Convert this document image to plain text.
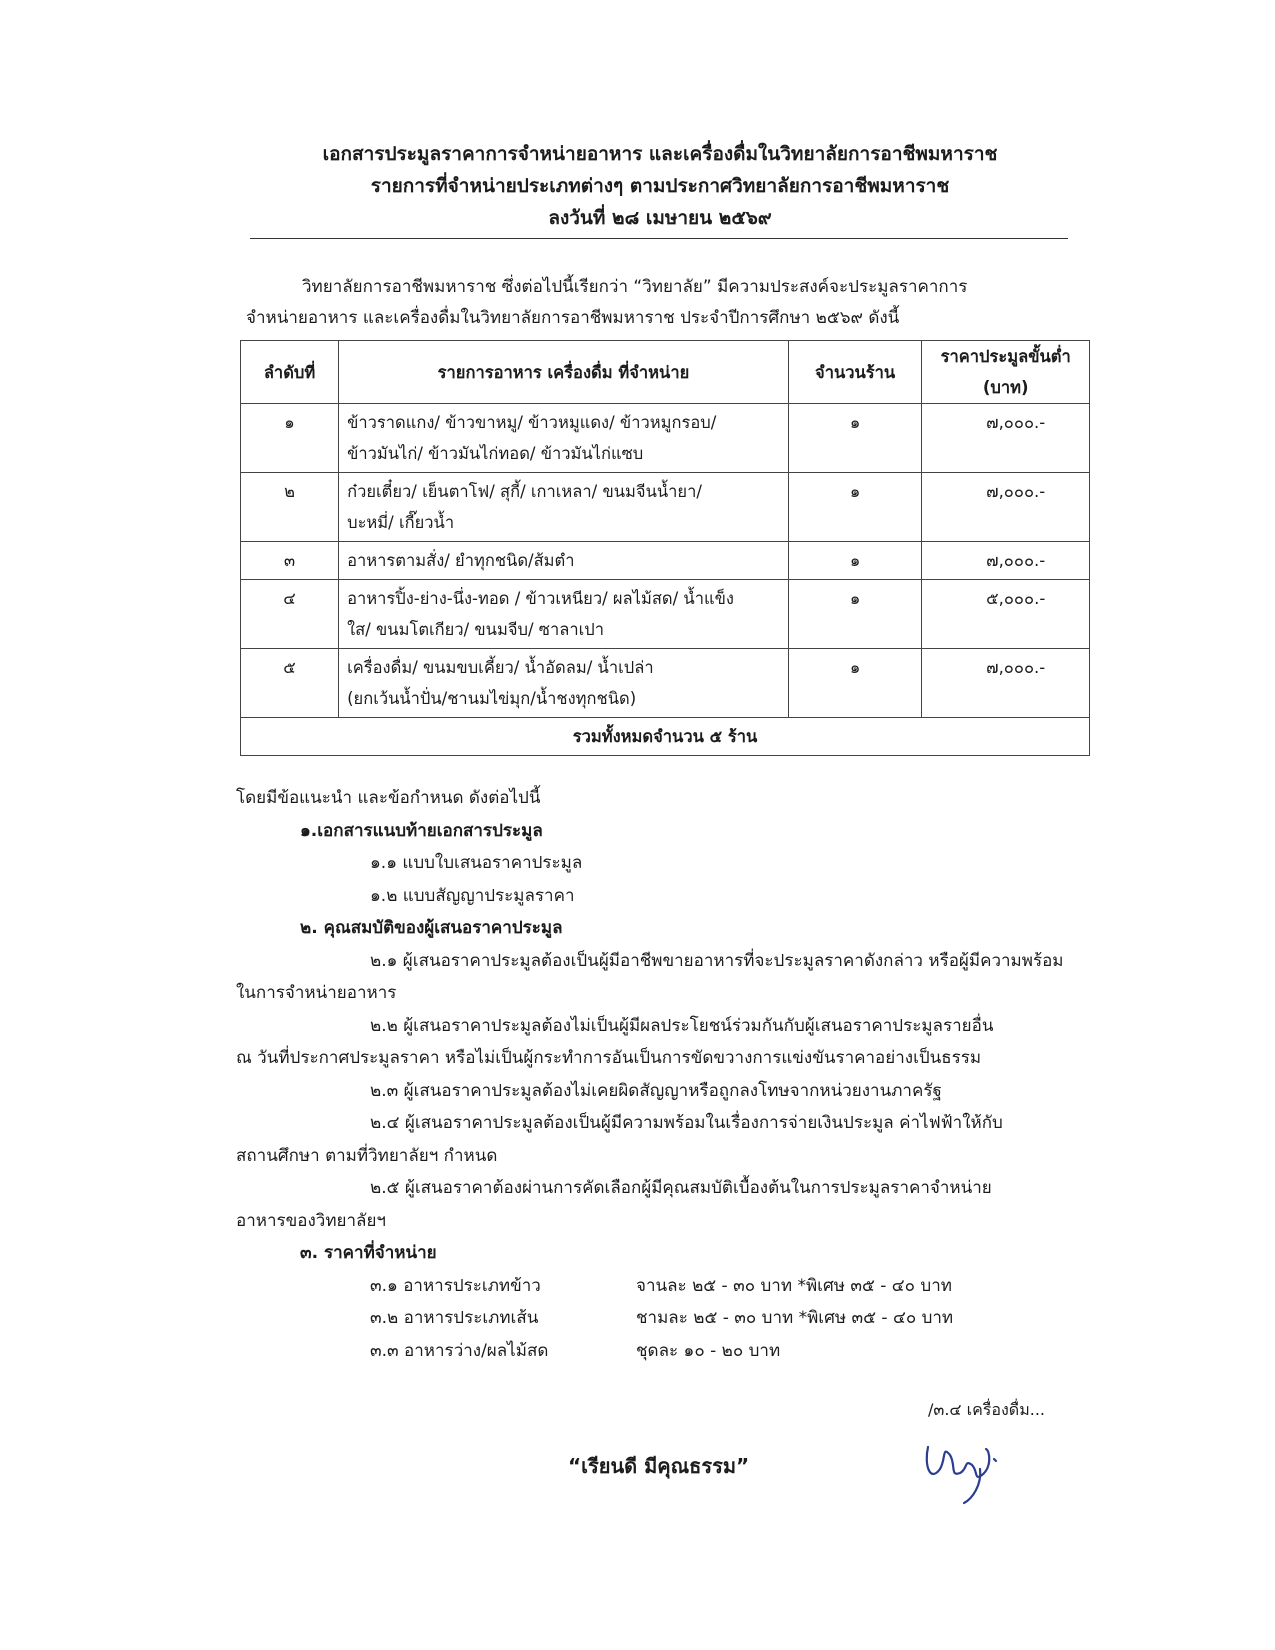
เอกสารประมูลราคาการจำหน่ายอาหาร และเครื่องดื่มในวิทยาลัยการอาชีพมหาราช
รายการที่จำหน่ายประเภทต่างๆ ตามประกาศวิทยาลัยการอาชีพมหาราช
ลงวันที่ ๒๘ เมษายน ๒๕๖๙
วิทยาลัยการอาชีพมหาราช ซึ่งต่อไปนี้เรียกว่า “วิทยาลัย” มีความประสงค์จะประมูลราคาการ
จำหน่ายอาหาร และเครื่องดื่มในวิทยาลัยการอาชีพมหาราช ประจำปีการศึกษา ๒๕๖๙ ดังนี้
ลำดับที่	รายการอาหาร เครื่องดื่ม ที่จำหน่าย	จำนวนร้าน	ราคาประมูลขั้นต่ำ
(บาท)

๑	ข้าวราดแกง/ ข้าวขาหมู/ ข้าวหมูแดง/ ข้าวหมูกรอบ/
ข้าวมันไก่/ ข้าวมันไก่ทอด/ ข้าวมันไก่แซบ	๑	๗,๐๐๐.-
๒	ก๋วยเตี๋ยว/ เย็นตาโฟ/ สุกี้/ เกาเหลา/ ขนมจีนน้ำยา/
บะหมี่/ เกี๊ยวน้ำ	๑	๗,๐๐๐.-
๓	อาหารตามสั่ง/ ยำทุกชนิด/ส้มตำ	๑	๗,๐๐๐.-
๔	อาหารปิ้ง-ย่าง-นึ่ง-ทอด / ข้าวเหนียว/ ผลไม้สด/ น้ำแข็ง
ใส/ ขนมโตเกียว/ ขนมจีบ/ ซาลาเปา	๑	๕,๐๐๐.-
๕	เครื่องดื่ม/ ขนมขบเคี้ยว/ น้ำอัดลม/ น้ำเปล่า
(ยกเว้นน้ำปั่น/ชานมไข่มุก/น้ำชงทุกชนิด)	๑	๗,๐๐๐.-
รวมทั้งหมดจำนวน ๕ ร้าน			
โดยมีข้อแนะนำ และข้อกำหนด ดังต่อไปนี้
๑.เอกสารแนบท้ายเอกสารประมูล
๑.๑ แบบใบเสนอราคาประมูล
๑.๒ แบบสัญญาประมูลราคา
๒. คุณสมบัติของผู้เสนอราคาประมูล
๒.๑ ผู้เสนอราคาประมูลต้องเป็นผู้มีอาชีพขายอาหารที่จะประมูลราคาดังกล่าว หรือผู้มีความพร้อม
ในการจำหน่ายอาหาร
๒.๒ ผู้เสนอราคาประมูลต้องไม่เป็นผู้มีผลประโยชน์ร่วมกันกับผู้เสนอราคาประมูลรายอื่น
ณ วันที่ประกาศประมูลราคา หรือไม่เป็นผู้กระทำการอันเป็นการขัดขวางการแข่งขันราคาอย่างเป็นธรรม
๒.๓ ผู้เสนอราคาประมูลต้องไม่เคยผิดสัญญาหรือถูกลงโทษจากหน่วยงานภาครัฐ
๒.๔ ผู้เสนอราคาประมูลต้องเป็นผู้มีความพร้อมในเรื่องการจ่ายเงินประมูล ค่าไฟฟ้าให้กับ
สถานศึกษา ตามที่วิทยาลัยฯ กำหนด
๒.๕ ผู้เสนอราคาต้องผ่านการคัดเลือกผู้มีคุณสมบัติเบื้องต้นในการประมูลราคาจำหน่าย
อาหารของวิทยาลัยฯ
๓. ราคาที่จำหน่าย
๓.๑ อาหารประเภทข้าว	จานละ ๒๕ - ๓๐ บาท *พิเศษ ๓๕ - ๔๐ บาท
๓.๒ อาหารประเภทเส้น	ชามละ ๒๕ - ๓๐ บาท *พิเศษ ๓๕ - ๔๐ บาท
๓.๓ อาหารว่าง/ผลไม้สด	ชุดละ ๑๐ - ๒๐ บาท
/๓.๔ เครื่องดื่ม...
“เรียนดี มีคุณธรรม”
